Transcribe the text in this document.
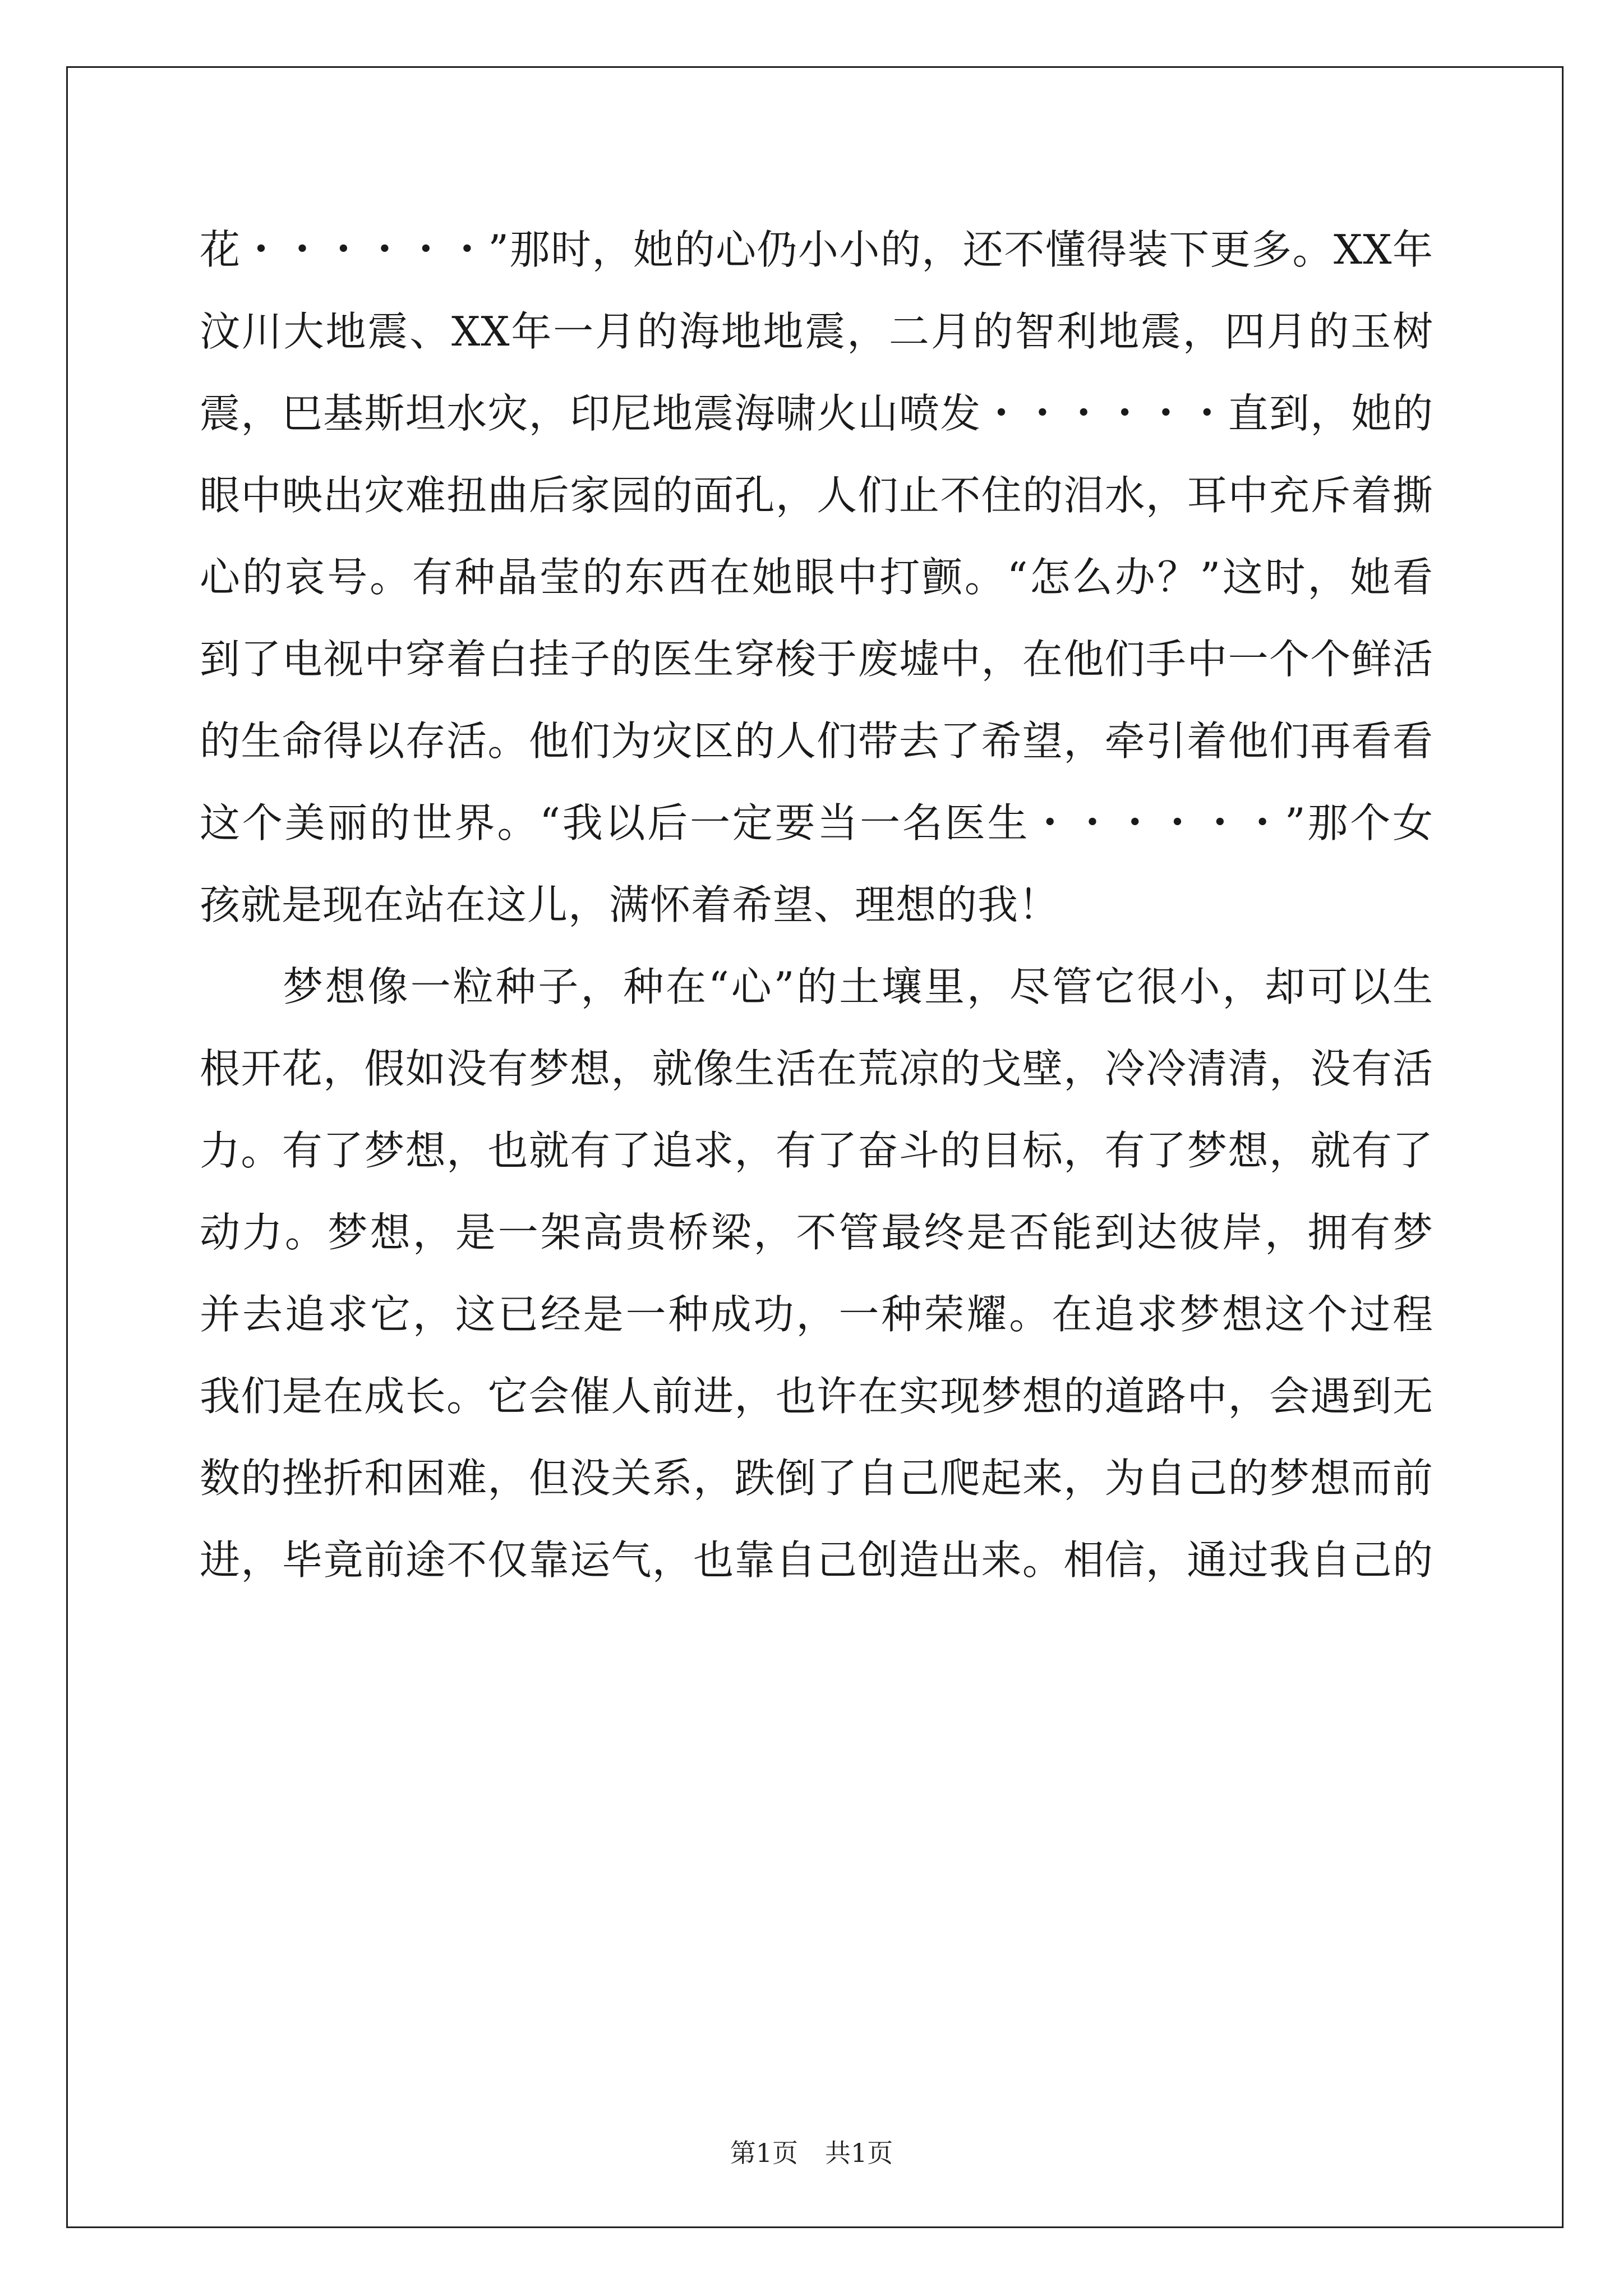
花・・・・・・”那时，她的心仍小小的，还不懂得装下更多。XX年
汶川大地震、XX年一月的海地地震，二月的智利地震，四月的玉树
震，巴基斯坦水灾，印尼地震海啸火山喷发・・・・・・直到，她的
眼中映出灾难扭曲后家园的面孔，人们止不住的泪水，耳中充斥着撕
心的哀号。有种晶莹的东西在她眼中打颤。“怎么办？”这时，她看
到了电视中穿着白挂子的医生穿梭于废墟中，在他们手中一个个鲜活
的生命得以存活。他们为灾区的人们带去了希望，牵引着他们再看看
这个美丽的世界。“我以后一定要当一名医生・・・・・・”那个女
孩就是现在站在这儿，满怀着希望、理想的我！
梦想像一粒种子，种在“心”的土壤里，尽管它很小，却可以生
根开花，假如没有梦想，就像生活在荒凉的戈壁，冷冷清清，没有活
力。有了梦想，也就有了追求，有了奋斗的目标，有了梦想，就有了
动力。梦想，是一架高贵桥梁，不管最终是否能到达彼岸，拥有梦
并去追求它，这已经是一种成功，一种荣耀。在追求梦想这个过程
我们是在成长。它会催人前进，也许在实现梦想的道路中，会遇到无
数的挫折和困难，但没关系，跌倒了自己爬起来，为自己的梦想而前
进，毕竟前途不仅靠运气，也靠自己创造出来。相信，通过我自己的
第1页 共1页
